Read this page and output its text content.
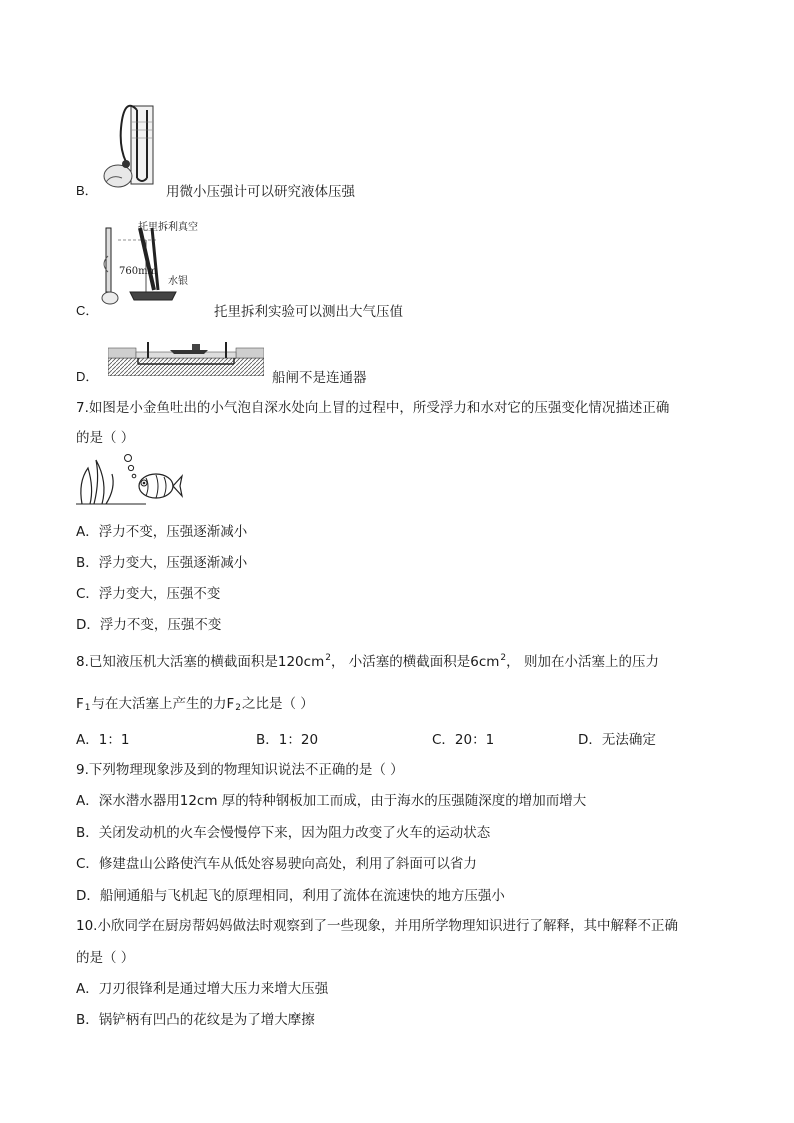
B．	用微小压强计可以研究液体压强
托里拆利真空
760mm
水银
C．	托里拆利实验可以测出大气压值
D．	船闸不是连通器
7.如图是小金鱼吐出的小气泡自深水处向上冒的过程中，所受浮力和水对它的压强变化情况描述正确
的是（ ）
A．浮力不变，压强逐渐减小
B．浮力变大，压强逐渐减小
C．浮力变大，压强不变
D．浮力不变，压强不变
8.已知液压机大活塞的横截面积是$120cm^2$， 小活塞的横截面积是$6cm^2$， 则加在小活塞上的压力
$F_1$与在大活塞上产生的力$F_2$之比是（ ）
A．1：1	B．1：20	C．20：1	D．无法确定
9.下列物理现象涉及到的物理知识说法不正确的是（ ）
A．深水潜水器用12cm 厚的特种钢板加工而成，由于海水的压强随深度的增加而增大
B．关闭发动机的火车会慢慢停下来，因为阻力改变了火车的运动状态
C．修建盘山公路使汽车从低处容易驶向高处，利用了斜面可以省力
D．船闸通船与飞机起飞的原理相同，利用了流体在流速快的地方压强小
10.小欣同学在厨房帮妈妈做法时观察到了一些现象，并用所学物理知识进行了解释，其中解释不正确
的是（ ）
A．刀刃很锋利是通过增大压力来增大压强
B．锅铲柄有凹凸的花纹是为了增大摩擦
